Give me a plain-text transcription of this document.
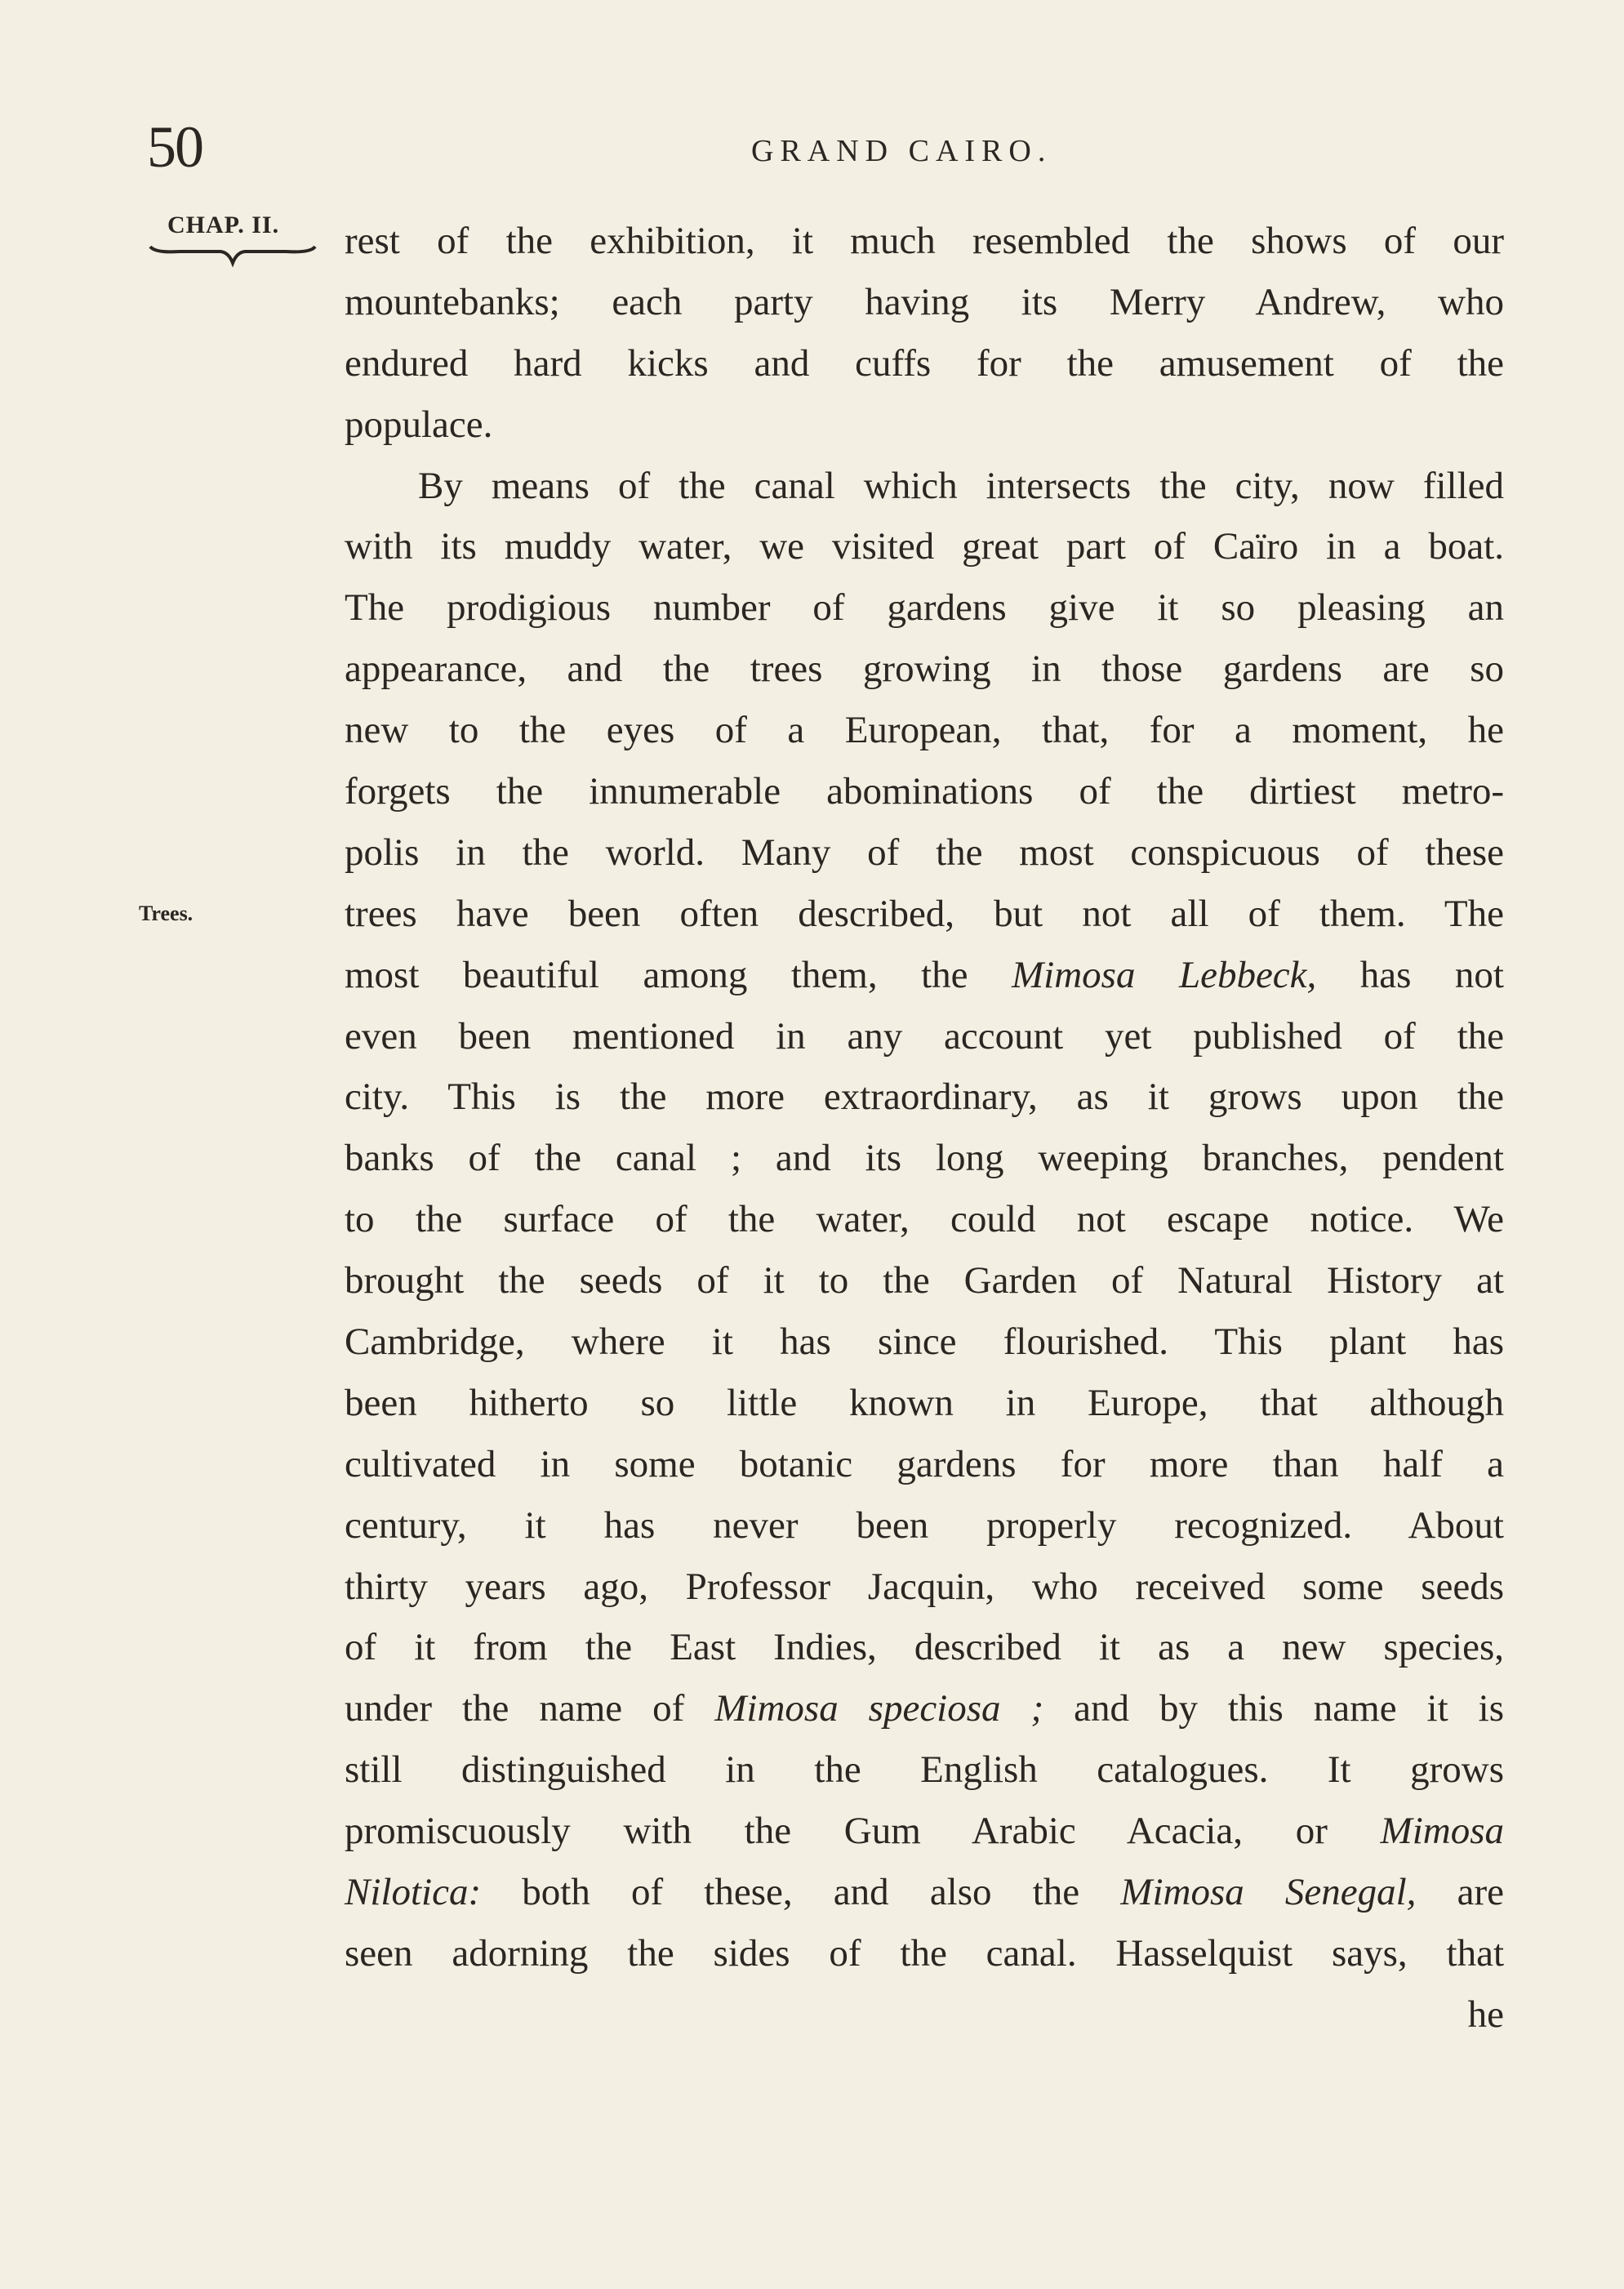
50	GRAND CAIRO.
CHAP. II.
Trees.
rest of the exhibition, it much resembled the shows of our
mountebanks; each party having its Merry Andrew, who
endured hard kicks and cuffs for the amusement of the
populace.
By means of the canal which intersects the city, now filled
with its muddy water, we visited great part of Caïro in a boat.
The prodigious number of gardens give it so pleasing an
appearance, and the trees growing in those gardens are so
new to the eyes of a European, that, for a moment, he
forgets the innumerable abominations of the dirtiest metro-
polis in the world. Many of the most conspicuous of these
trees have been often described, but not all of them. The
most beautiful among them, the Mimosa Lebbeck, has not
even been mentioned in any account yet published of the
city. This is the more extraordinary, as it grows upon the
banks of the canal ; and its long weeping branches, pendent
to the surface of the water, could not escape notice. We
brought the seeds of it to the Garden of Natural History at
Cambridge, where it has since flourished. This plant has
been hitherto so little known in Europe, that although
cultivated in some botanic gardens for more than half a
century, it has never been properly recognized. About
thirty years ago, Professor Jacquin, who received some seeds
of it from the East Indies, described it as a new species,
under the name of Mimosa speciosa ; and by this name it is
still distinguished in the English catalogues. It grows
promiscuously with the Gum Arabic Acacia, or Mimosa
Nilotica: both of these, and also the Mimosa Senegal, are
seen adorning the sides of the canal. Hasselquist says, that
he
